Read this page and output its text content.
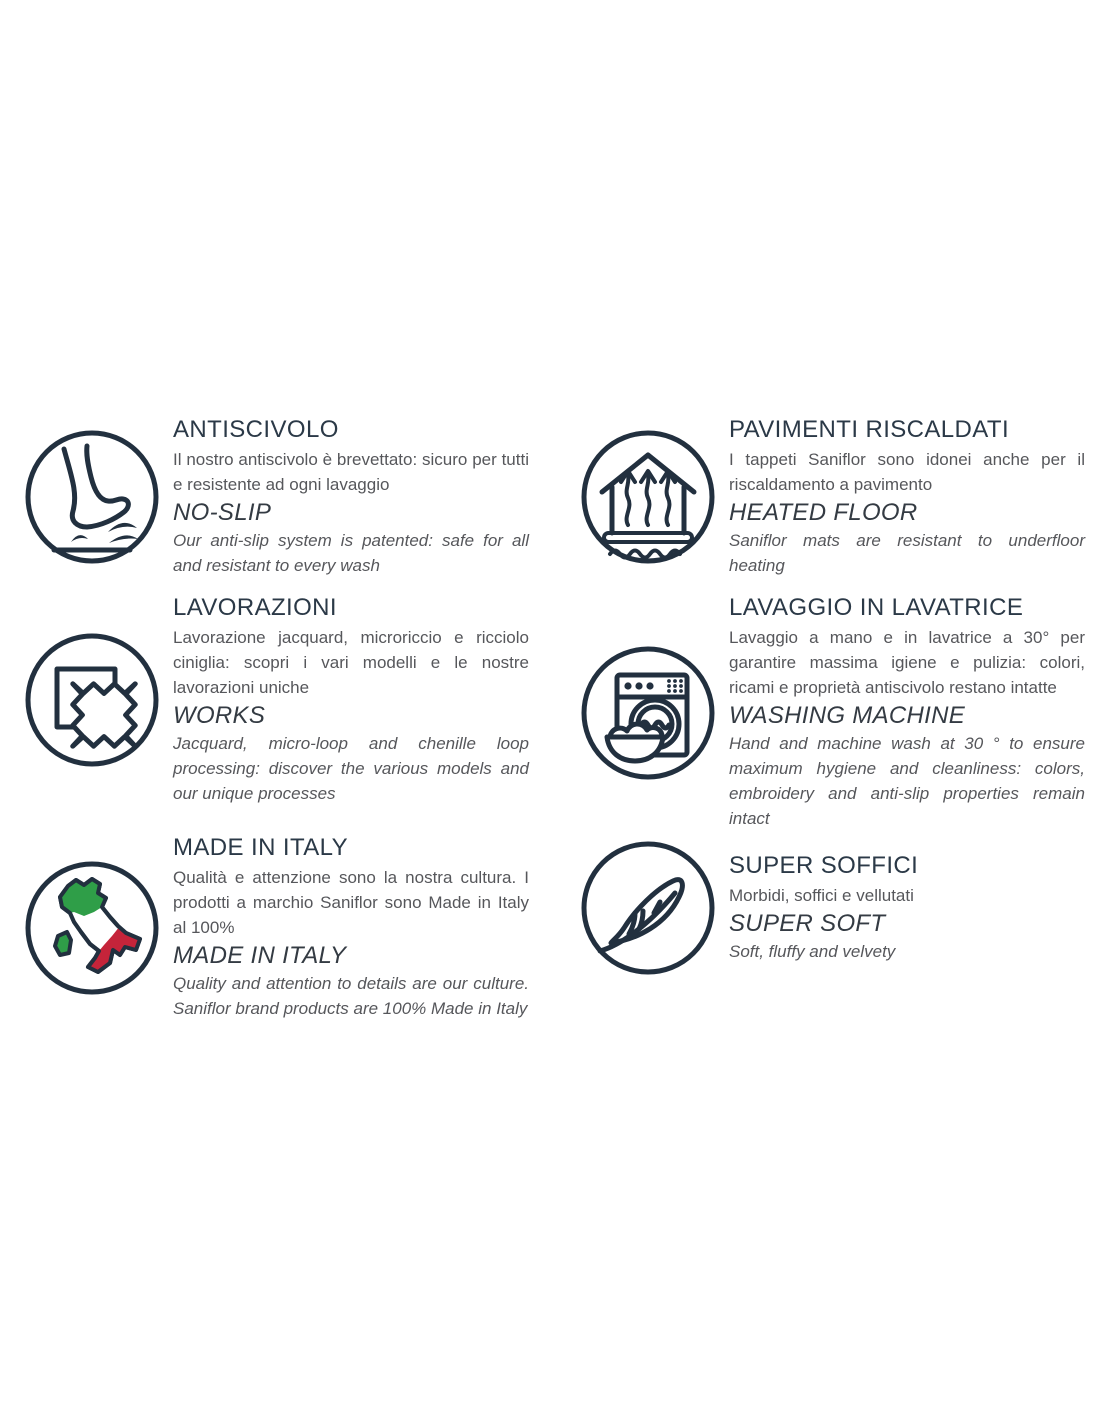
ANTISCIVOLO

Il nostro antiscivolo è brevettato: sicuro per tutti e resistente ad ogni lavaggio

NO-SLIP

Our anti-slip system is patented: safe for all and resistant to every wash

PAVIMENTI RISCALDATI

I tappeti Saniflor sono idonei anche per il riscaldamento a pavimento

HEATED FLOOR

Saniflor mats are resistant to underfloor heating

LAVORAZIONI

Lavorazione jacquard, microriccio e ricciolo ciniglia: scopri i vari modelli e le nostre lavorazioni uniche

WORKS

Jacquard, micro-loop and chenille loop processing: discover the various models and our unique processes

LAVAGGIO IN LAVATRICE

Lavaggio a mano e in lavatrice a 30° per garantire massima igiene e pulizia: colori, ricami e proprietà antiscivolo restano intatte

WASHING MACHINE

Hand and machine wash at 30 ° to ensure maximum hygiene and cleanliness: colors, embroidery and anti-slip properties remain intact

MADE IN ITALY

Qualità e attenzione sono la nostra cultura. I prodotti a marchio Saniflor sono Made in Italy al 100%

MADE IN ITALY

Quality and attention to details are our culture. Saniflor brand products are 100% Made in Italy

SUPER SOFFICI

Morbidi, soffici e vellutati

SUPER SOFT

Soft, fluffy and velvety
